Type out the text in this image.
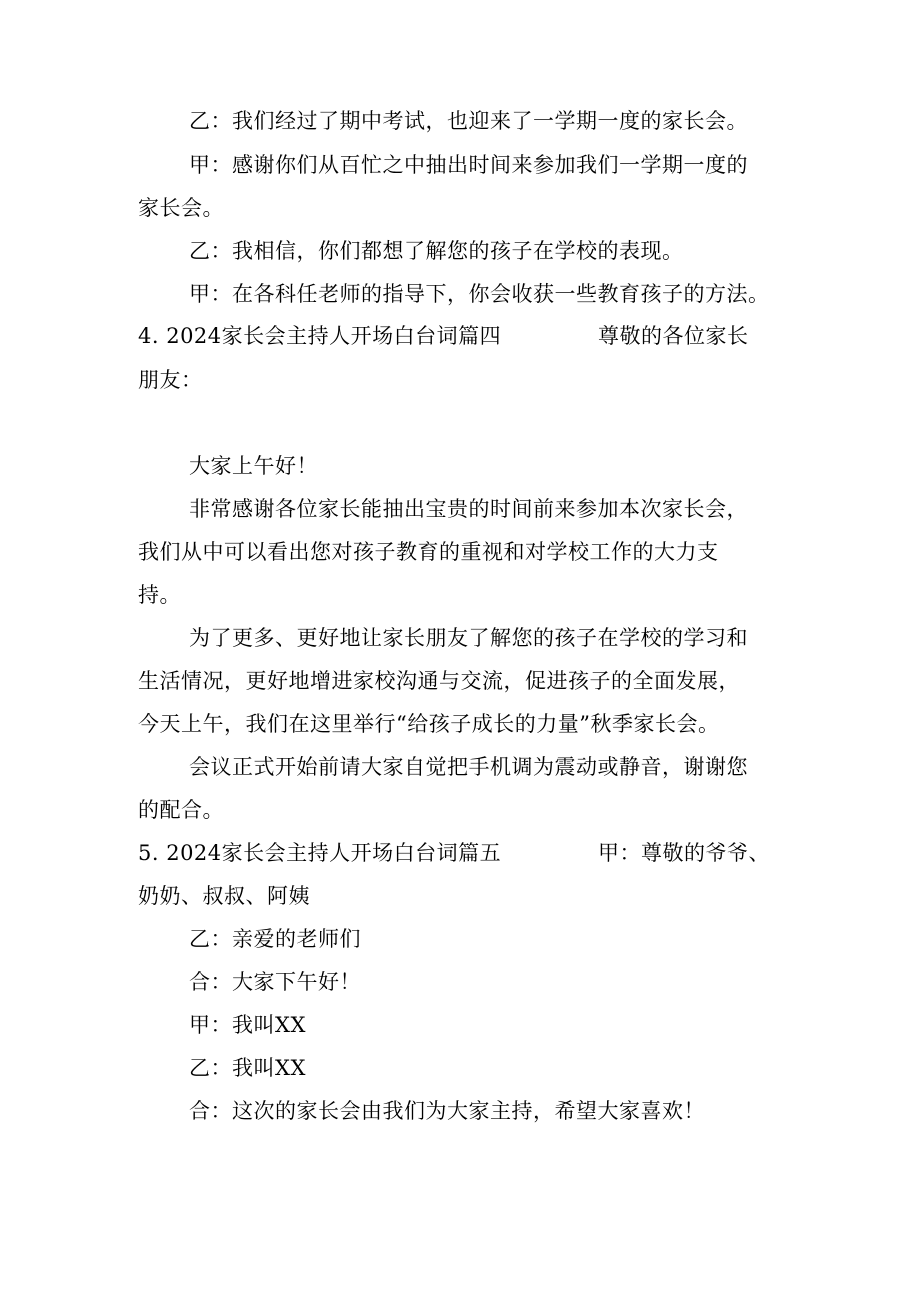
乙：我们经过了期中考试，也迎来了一学期一度的家长会。
甲：感谢你们从百忙之中抽出时间来参加我们一学期一度的
家长会。
乙：我相信，你们都想了解您的孩子在学校的表现。
甲：在各科任老师的指导下，你会收获一些教育孩子的方法。
4. 2024家长会主持人开场白台词篇四	尊敬的各位家长
朋友：
大家上午好！
非常感谢各位家长能抽出宝贵的时间前来参加本次家长会，
我们从中可以看出您对孩子教育的重视和对学校工作的大力支
持。
为了更多、更好地让家长朋友了解您的孩子在学校的学习和
生活情况，更好地增进家校沟通与交流，促进孩子的全面发展，
今天上午，我们在这里举行“给孩子成长的力量”秋季家长会。
会议正式开始前请大家自觉把手机调为震动或静音，谢谢您
的配合。
5. 2024家长会主持人开场白台词篇五	甲：尊敬的爷爷、
奶奶、叔叔、阿姨
乙：亲爱的老师们
合：大家下午好！
甲：我叫XX
乙：我叫XX
合：这次的家长会由我们为大家主持，希望大家喜欢！
